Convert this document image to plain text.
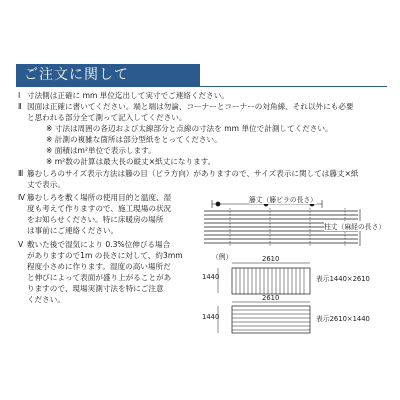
ご注文に関して
Ⅰ 寸法側は正確に mm 単位迄出して実寸でご連絡ください。
Ⅱ 図面は正確に書いてください。端と端は勿論、コーナーとコーナーの対角線、それ以外にも必要
と思われる部分全て測って記入してください。
※ 寸法は周囲の各辺および太線部分と点線の寸法を mm 単位で計測してください。
※ 計測の複雑な箇所は部分型紙をとってください。
※ 面積はm²単位で表示します。
※ m²数の計算は最大長の縦丈×紙丈になります。
Ⅲ 籐むしろのサイズ表示方法は籐の目（ピラ方向）がありますので、サイズ表示に関しては籐丈×紙
丈で表示。
Ⅳ 籐むしろを敷く場所の使用目的と温度、湿
度も考えて作りますので、施工現場の状況
をお知らせください。特に床暖房の場所
は事前にご連絡ください。
Ⅴ 敷いた後で湿気により 0.3%位伸びる場合
がありますので1m の長さに対して、約3mm
程度小さめに作ります。湿度の高い場所だ
と伸びによって表面が盛り上がることがあ
りますので、現場実測寸法を特にご注意
ください。
籐丈（籐ピラの長さ）
柱丈（麻経の長さ）
（例）	2610
1440	表示1440×2610
2610
1440	表示2610×1440
